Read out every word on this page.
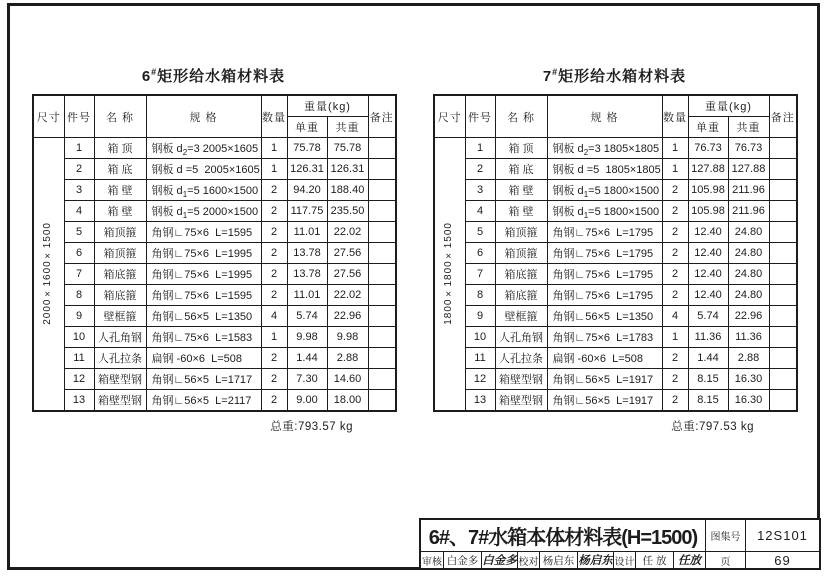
6#矩形给水箱材料表
尺寸	件号	名 称	规 格	数量	重量(kg)		备注
					单重	共重	
	1	箱 顶	钢板 $d_2=3$ 2005×1605	1	75.78	75.78	
	2	箱 底	钢板 d =5  2005×1605	1	126.31	126.31	
	3	箱 壁	钢板 $d_1=5$ 1600×1500	2	94.20	188.40	
	4	箱 壁	钢板 $d_1=5$ 2000×1500	2	117.75	235.50	
	5	箱顶箍	角钢∟75×6  L=1595	2	11.01	22.02	
	6	箱顶箍	角钢∟75×6  L=1995	2	13.78	27.56	
	7	箱底箍	角钢∟75×6  L=1995	2	13.78	27.56	
	8	箱底箍	角钢∟75×6  L=1595	2	11.01	22.02	
	9	壁框箍	角钢∟56×5  L=1350	4	5.74	22.96	
	10	人孔角钢	角钢∟75×6  L=1583	1	9.98	9.98	
	11	人孔拉条	扁钢 -60×6  L=508	2	1.44	2.88	
	12	箱壁型钢	角钢∟56×5  L=1717	2	7.30	14.60	
	13	箱壁型钢	角钢∟56×5  L=2117	2	9.00	18.00	
2000×1600×1500
总重:793.57 kg
7#矩形给水箱材料表
尺寸	件号	名 称	规 格	数量	重量(kg)		备注
					单重	共重	
	1	箱 顶	钢板 $d_2=3$ 1805×1805	1	76.73	76.73	
	2	箱 底	钢板 d =5  1805×1805	1	127.88	127.88	
	3	箱 壁	钢板 $d_1=5$ 1800×1500	2	105.98	211.96	
	4	箱 壁	钢板 $d_1=5$ 1800×1500	2	105.98	211.96	
	5	箱顶箍	角钢∟75×6  L=1795	2	12.40	24.80	
	6	箱顶箍	角钢∟75×6  L=1795	2	12.40	24.80	
	7	箱底箍	角钢∟75×6  L=1795	2	12.40	24.80	
	8	箱底箍	角钢∟75×6  L=1795	2	12.40	24.80	
	9	壁框箍	角钢∟56×5  L=1350	4	5.74	22.96	
	10	人孔角钢	角钢∟75×6  L=1783	1	11.36	11.36	
	11	人孔拉条	扁钢 -60×6  L=508	2	1.44	2.88	
	12	箱壁型钢	角钢∟56×5  L=1917	2	8.15	16.30	
	13	箱壁型钢	角钢∟56×5  L=1917	2	8.15	16.30	
1800×1800×1500
总重:797.53 kg
6#、7#水箱本体材料表(H=1500)	图集号	12S101
审核 白金多 白金多 校对 杨启东 杨启东 设计 任 放	任放	页	69
